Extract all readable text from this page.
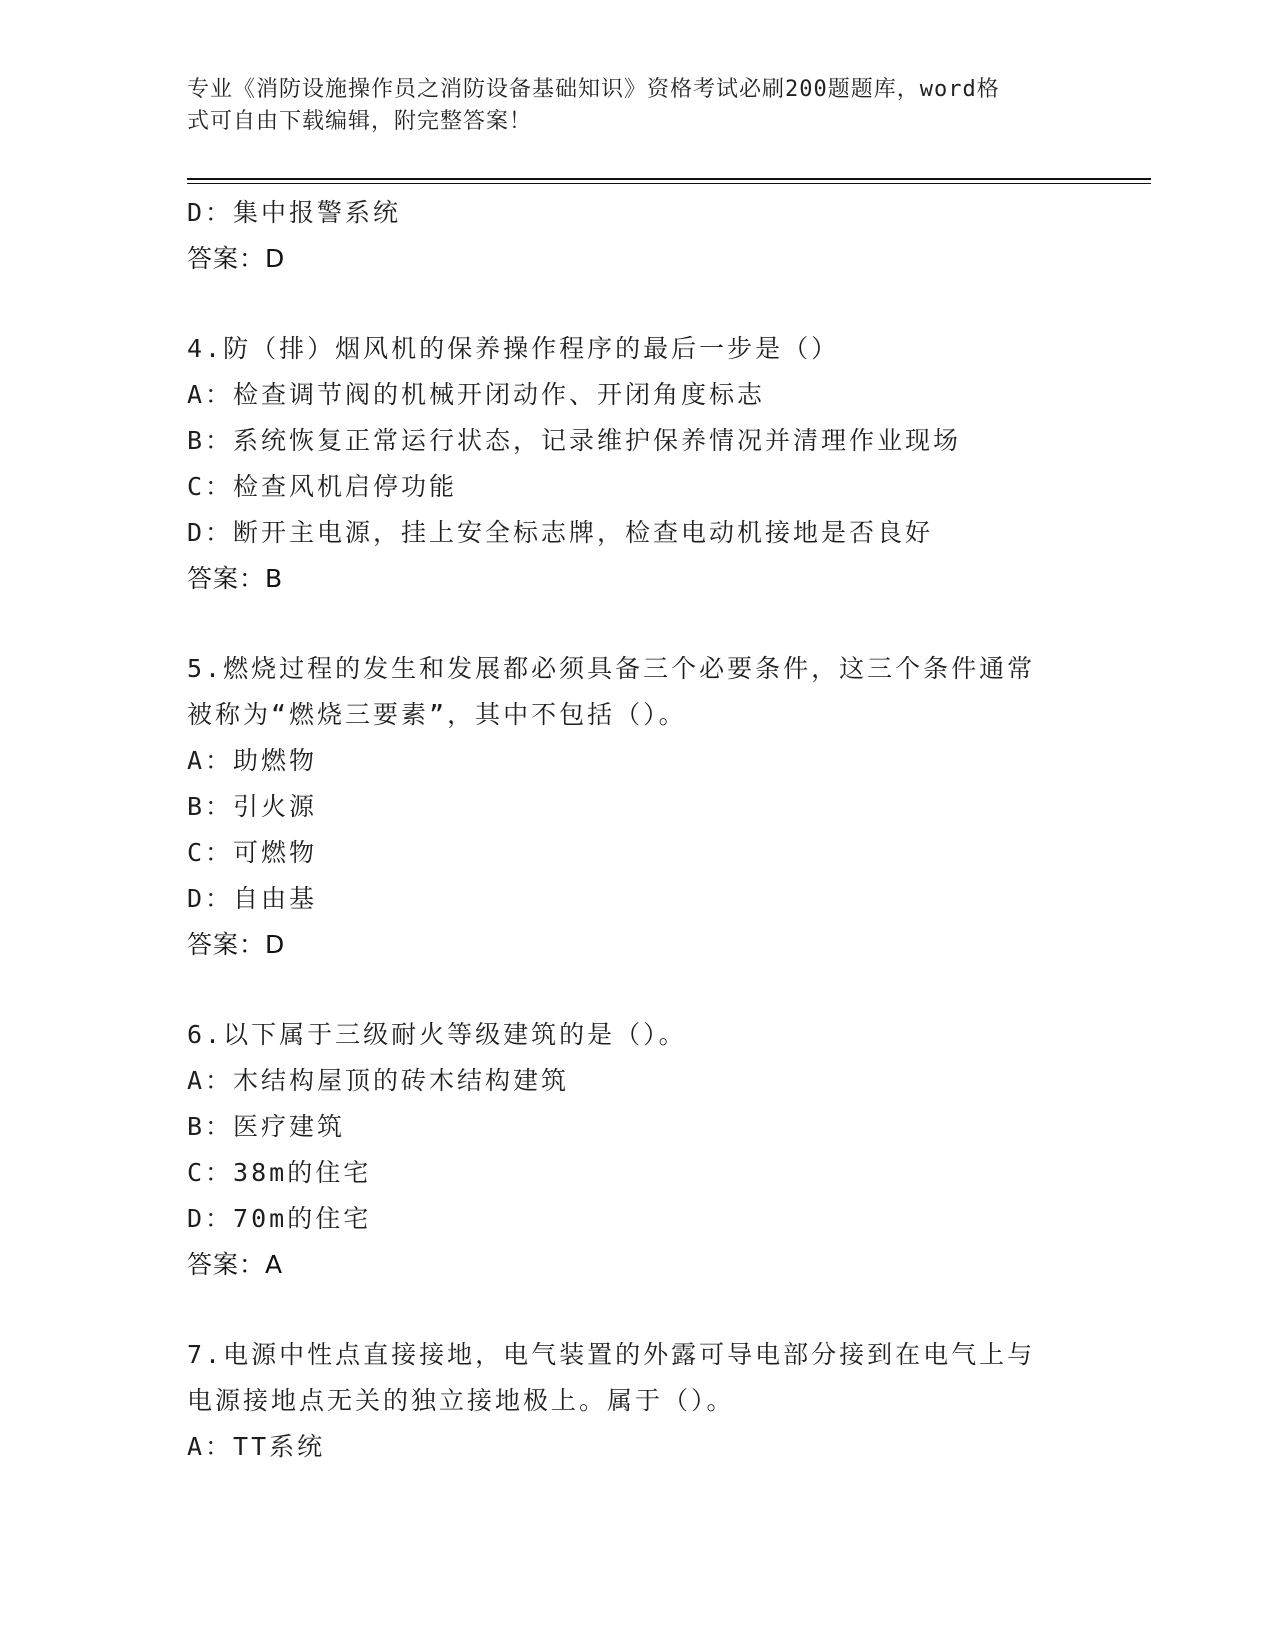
专业《消防设施操作员之消防设备基础知识》资格考试必刷200题题库，word格
式可自由下载编辑，附完整答案！
D：集中报警系统
答案：D
4.防（排）烟风机的保养操作程序的最后一步是（）
A：检查调节阀的机械开闭动作、开闭角度标志
B：系统恢复正常运行状态，记录维护保养情况并清理作业现场
C：检查风机启停功能
D：断开主电源，挂上安全标志牌，检查电动机接地是否良好
答案：B
5.燃烧过程的发生和发展都必须具备三个必要条件，这三个条件通常
被称为“燃烧三要素”，其中不包括（）。
A：助燃物
B：引火源
C：可燃物
D：自由基
答案：D
6.以下属于三级耐火等级建筑的是（）。
A：木结构屋顶的砖木结构建筑
B：医疗建筑
C：38m的住宅
D：70m的住宅
答案：A
7.电源中性点直接接地，电气装置的外露可导电部分接到在电气上与
电源接地点无关的独立接地极上。属于（）。
A：TT系统
